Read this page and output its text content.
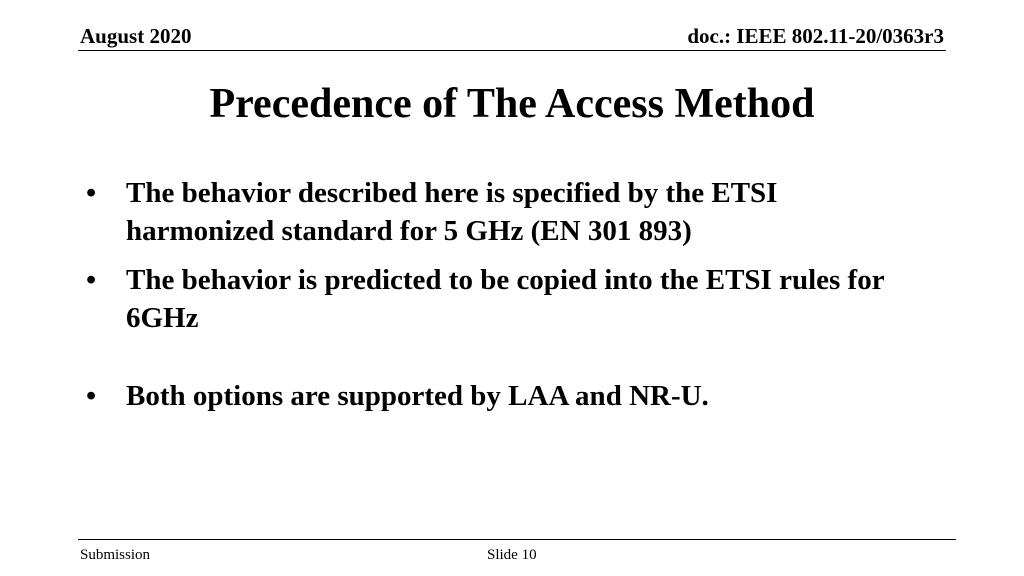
August 2020	doc.: IEEE 802.11-20/0363r3
Precedence of The Access Method
• The behavior described here is specified by the ETSI harmonized standard for 5 GHz (EN 301 893)
• The behavior is predicted to be copied into the ETSI rules for 6GHz
• Both options are supported by LAA and NR-U.
Submission	Slide 10
